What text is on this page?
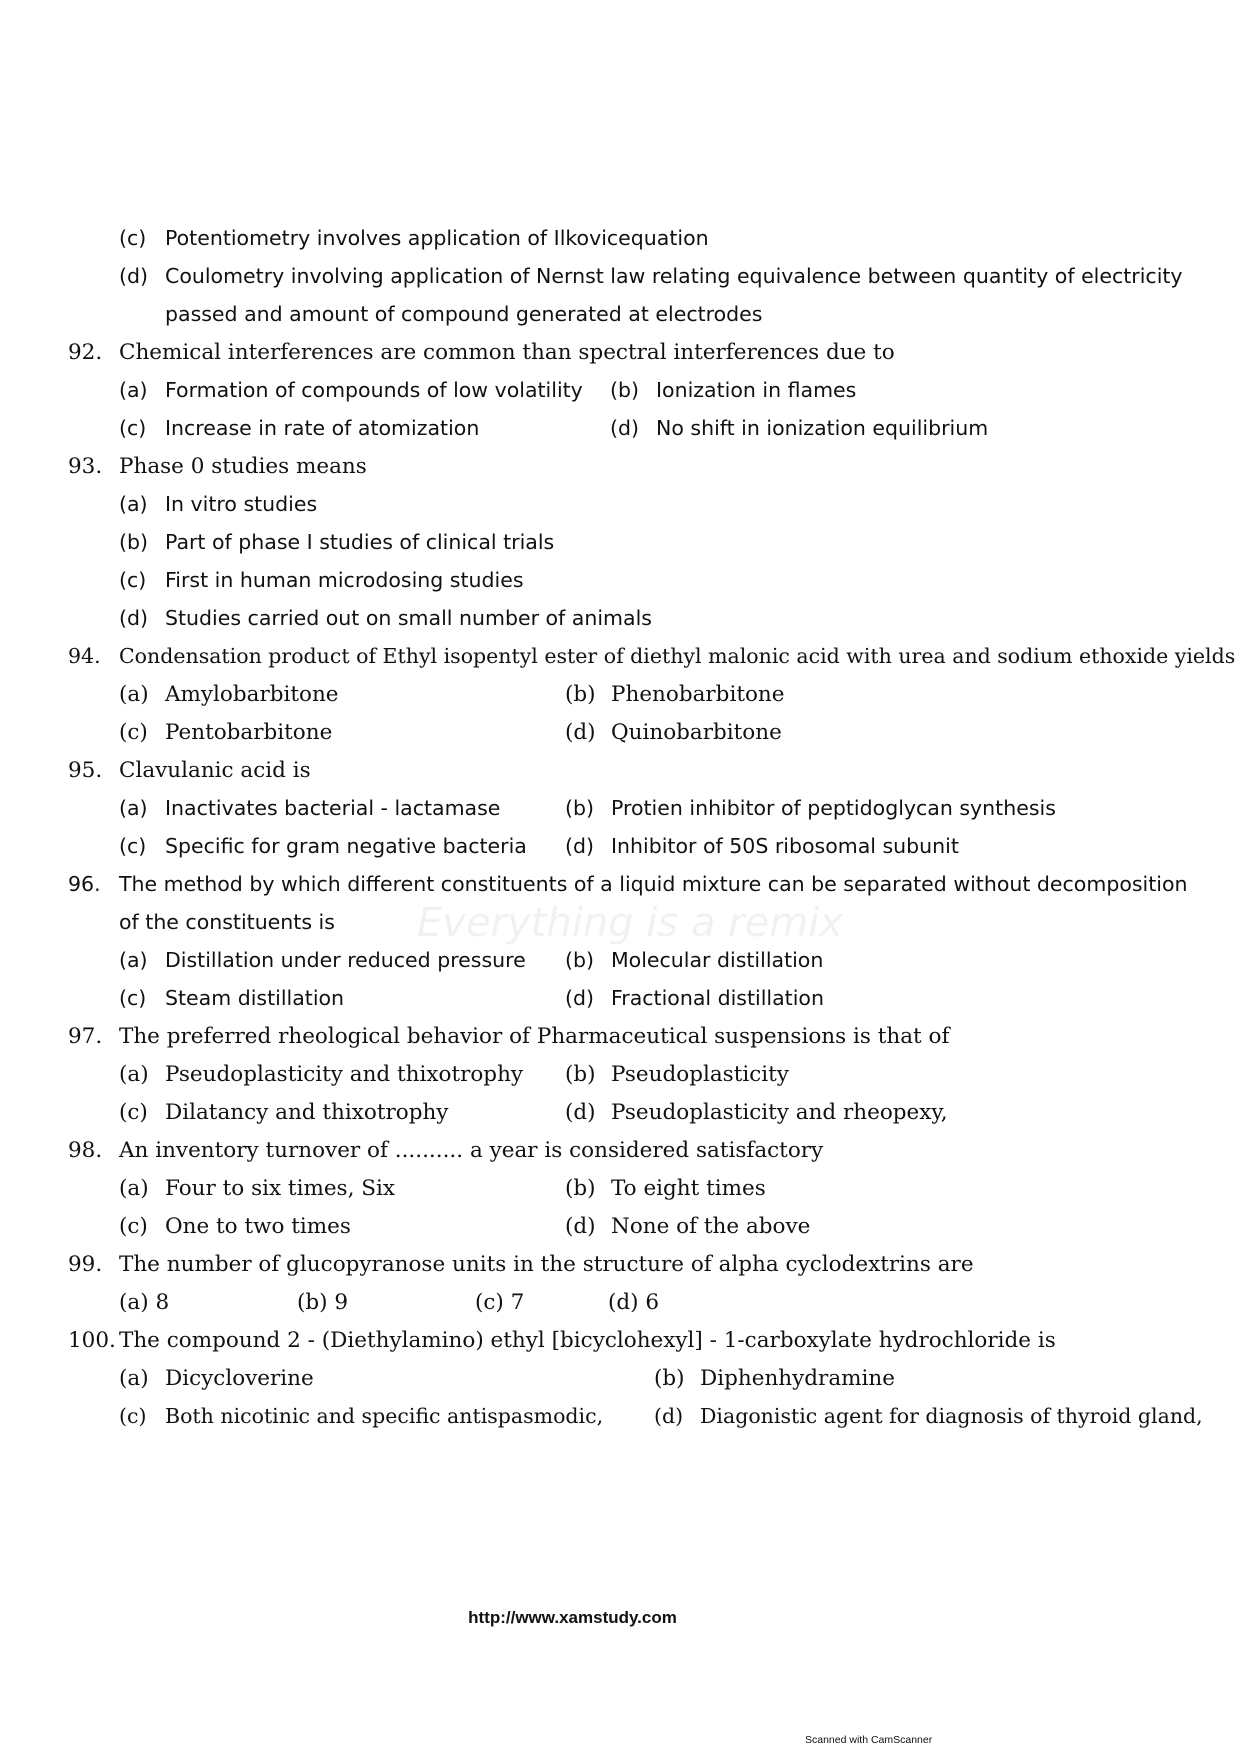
Everything is a remix
(c) Potentiometry involves application of Ilkovicequation
(d) Coulometry involving application of Nernst law relating equivalence between quantity of electricity
passed and amount of compound generated at electrodes
92. Chemical interferences are common than spectral interferences due to
(a) Formation of compounds of low volatility (b) Ionization in flames
(c) Increase in rate of atomization	(d) No shift in ionization equilibrium
93. Phase 0 studies means
(a) In vitro studies
(b) Part of phase I studies of clinical trials
(c) First in human microdosing studies
(d) Studies carried out on small number of animals
94. Condensation product of Ethyl isopentyl ester of diethyl malonic acid with urea and sodium ethoxide yields
(a) Amylobarbitone	(b) Phenobarbitone
(c) Pentobarbitone	(d) Quinobarbitone
95. Clavulanic acid is
(a) Inactivates bacterial - lactamase	(b) Protien inhibitor of peptidoglycan synthesis
(c) Specific for gram negative bacteria (d) Inhibitor of 50S ribosomal subunit
96. The method by which different constituents of a liquid mixture can be separated without decomposition
of the constituents is
(a) Distillation under reduced pressure (b) Molecular distillation
(c) Steam distillation	(d) Fractional distillation
97. The preferred rheological behavior of Pharmaceutical suspensions is that of
(a) Pseudoplasticity and thixotrophy (b) Pseudoplasticity
(c) Dilatancy and thixotrophy	(d) Pseudoplasticity and rheopexy,
98. An inventory turnover of .......... a year is considered satisfactory
(a) Four to six times, Six	(b) To eight times
(c) One to two times	(d) None of the above
99. The number of glucopyranose units in the structure of alpha cyclodextrins are
(a) 8	(b) 9	(c) 7	(d) 6
100. The compound 2 - (Diethylamino) ethyl [bicyclohexyl] - 1-carboxylate hydrochloride is
(a) Dicycloverine	(b) Diphenhydramine
(c) Both nicotinic and specific antispasmodic, (d) Diagonistic agent for diagnosis of thyroid gland,
http://www.xamstudy.com
Scanned with CamScanner
